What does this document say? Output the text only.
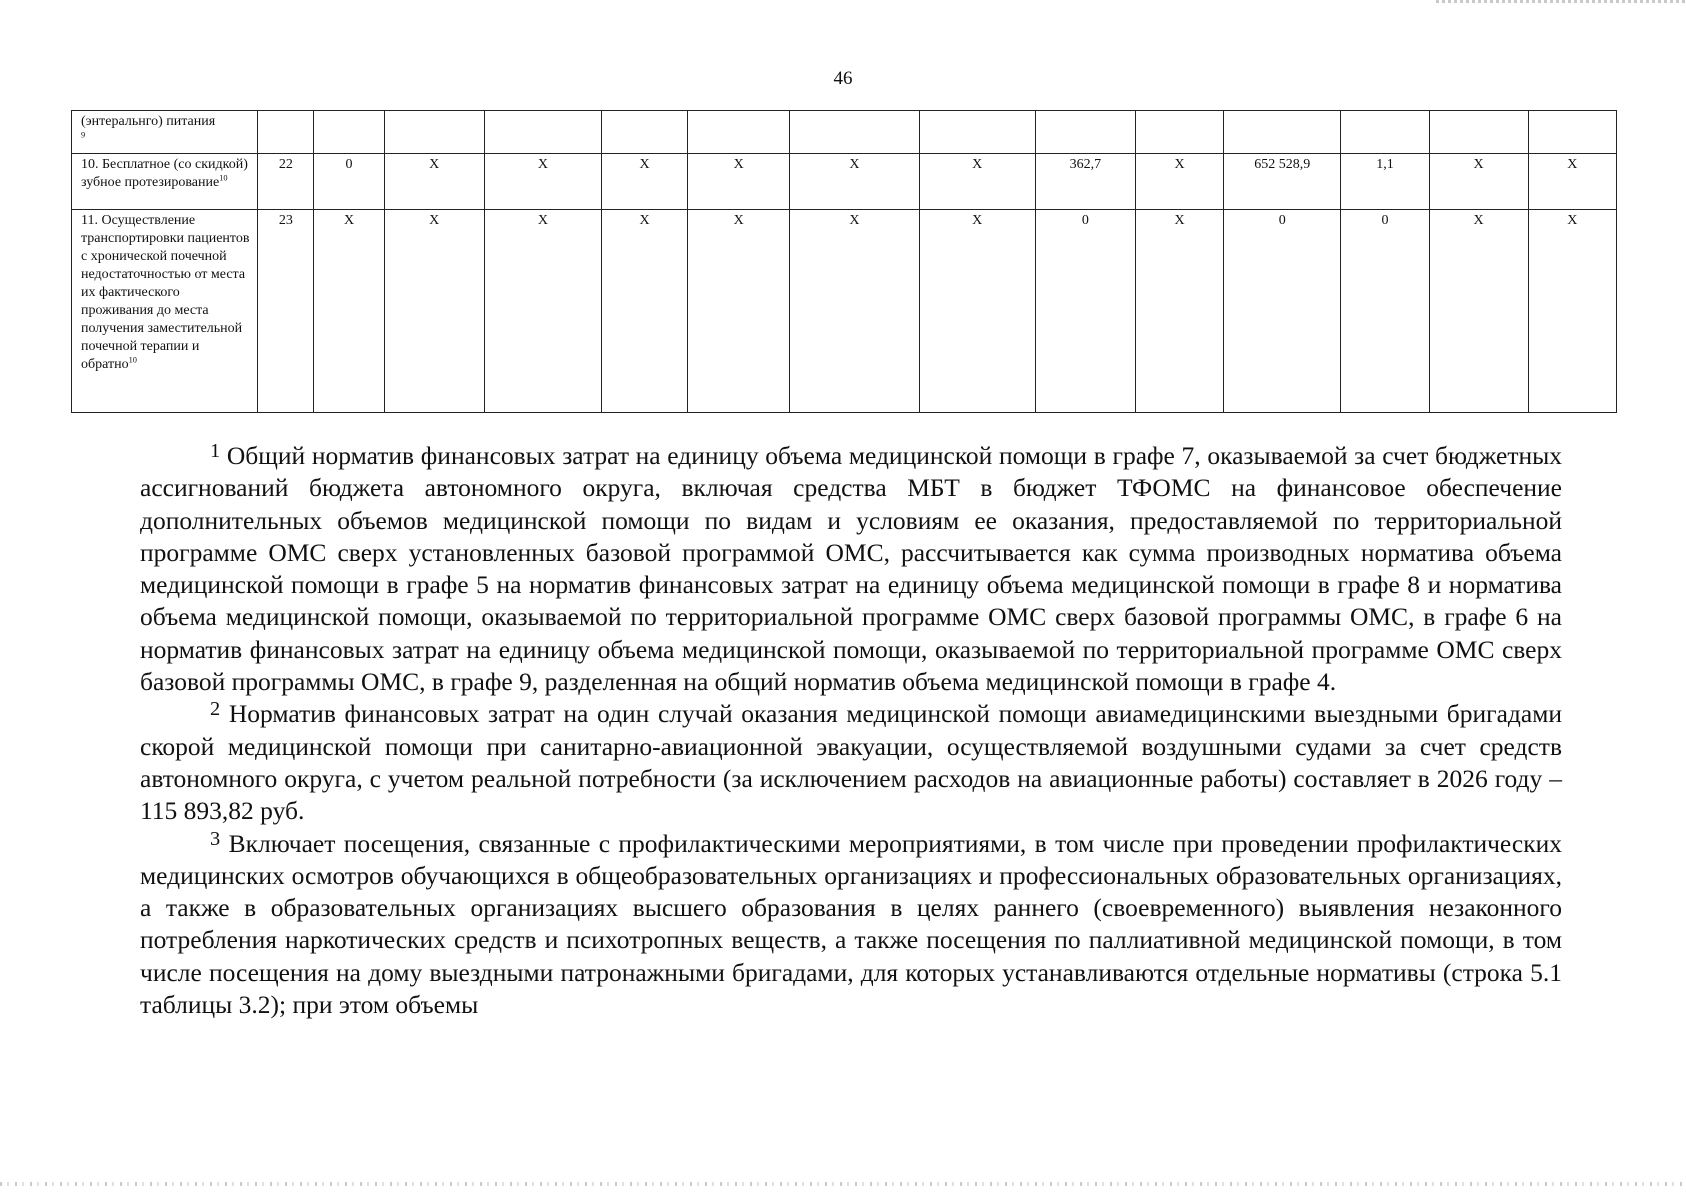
46
(энтеральнго) питания
$^9$														
10. Бесплатное (со скидкой) зубное протезирование$^{10}$	22	0	Х	Х	Х	Х	Х	Х	362,7	Х	652 528,9	1,1	Х	Х
11. Осуществление транспортировки пациентов с хронической почечной недостаточностью от места их фактического проживания до места получения заместительной почечной терапии и обратно$^{10}$	23	Х	Х	Х	Х	Х	Х	Х	0	Х	0	0	Х	Х

$^1$ Общий норматив финансовых затрат на единицу объема медицинской помощи в графе 7, оказываемой за счет бюджетных ассигнований бюджета автономного округа, включая средства МБТ в бюджет ТФОМС на финансовое обеспечение дополнительных объемов медицинской помощи по видам и условиям ее оказания, предоставляемой по территориальной программе ОМС сверх установленных базовой программой ОМС, рассчитывается как сумма производных норматива объема медицинской помощи в графе 5 на норматив финансовых затрат на единицу объема медицинской помощи в графе 8 и норматива объема медицинской помощи, оказываемой по территориальной программе ОМС сверх базовой программы ОМС, в графе 6 на норматив финансовых затрат на единицу объема медицинской помощи, оказываемой по территориальной программе ОМС сверх базовой программы ОМС, в графе 9, разделенная на общий норматив объема медицинской помощи в графе 4.

$^2$ Норматив финансовых затрат на один случай оказания медицинской помощи авиамедицинскими выездными бригадами скорой медицинской помощи при санитарно-авиационной эвакуации, осуществляемой воздушными судами за счет средств автономного округа, с учетом реальной потребности (за исключением расходов на авиационные работы) составляет в 2026 году – 115 893,82 руб.

$^3$ Включает посещения, связанные с профилактическими мероприятиями, в том числе при проведении профилактических медицинских осмотров обучающихся в общеобразовательных организациях и профессиональных образовательных организациях, а также в образовательных организациях высшего образования в целях раннего (своевременного) выявления незаконного потребления наркотических средств и психотропных веществ, а также посещения по паллиативной медицинской помощи, в том числе посещения на дому выездными патронажными бригадами, для которых устанавливаются отдельные нормативы (строка 5.1 таблицы 3.2); при этом объемы
